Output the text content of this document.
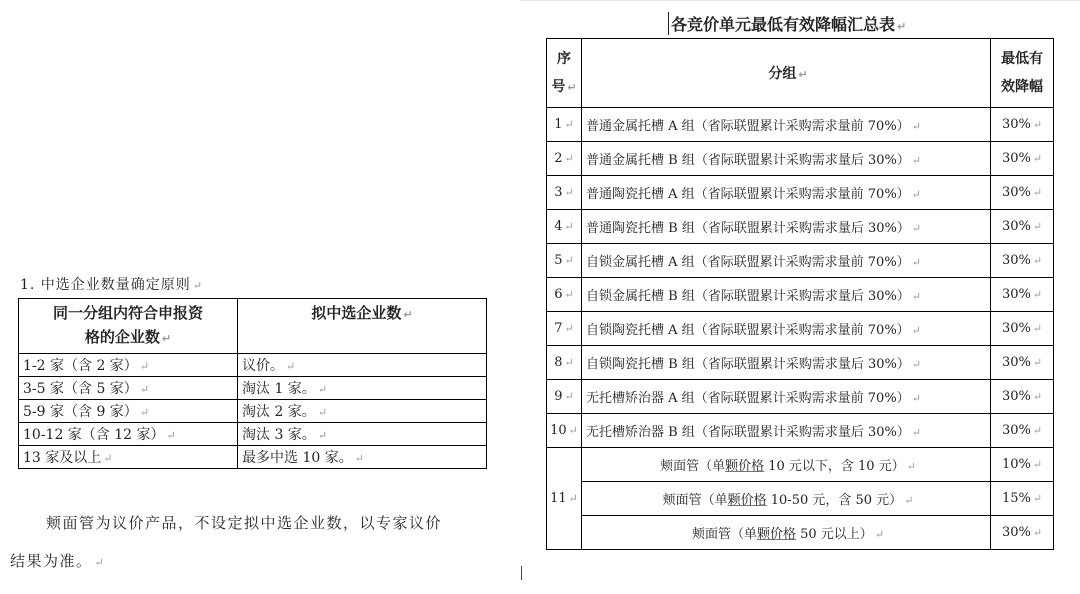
1. 中选企业数量确定原则 ↵
同一分组内符合申报资
格的企业数 ↵	拟中选企业数 ↵
1-2 家（含 2 家） ↵	议价。 ↵
3-5 家（含 5 家） ↵	淘汰 1 家。 ↵
5-9 家（含 9 家） ↵	淘汰 2 家。 ↵
10-12 家（含 12 家） ↵	淘汰 3 家。 ↵
13 家及以上 ↵	最多中选 10 家。 ↵
颊面管为议价产品，不设定拟中选企业数，以专家议价
结果为准。 ↵
各竞价单元最低有效降幅汇总表 ↵
序
号 ↵	分组 ↵	最低有
效降幅

1 ↵	普通金属托槽 A 组（省际联盟累计采购需求量前 70%） ↵	30% ↵
2 ↵	普通金属托槽 B 组（省际联盟累计采购需求量后 30%） ↵	30% ↵
3 ↵	普通陶瓷托槽 A 组（省际联盟累计采购需求量前 70%） ↵	30% ↵
4 ↵	普通陶瓷托槽 B 组（省际联盟累计采购需求量后 30%） ↵	30% ↵
5 ↵	自锁金属托槽 A 组（省际联盟累计采购需求量前 70%） ↵	30% ↵
6 ↵	自锁金属托槽 B 组（省际联盟累计采购需求量后 30%） ↵	30% ↵
7 ↵	自锁陶瓷托槽 A 组（省际联盟累计采购需求量前 70%） ↵	30% ↵
8 ↵	自锁陶瓷托槽 B 组（省际联盟累计采购需求量后 30%） ↵	30% ↵
9 ↵	无托槽矫治器 A 组（省际联盟累计采购需求量前 70%） ↵	30% ↵
10 ↵	无托槽矫治器 B 组（省际联盟累计采购需求量后 30%） ↵	30% ↵
11 ↵	颊面管（单颗价格 10 元以下，含 10 元） ↵	10% ↵
	颊面管（单颗价格 10-50 元，含 50 元） ↵	15% ↵
	颊面管（单颗价格 50 元以上） ↵	30% ↵
